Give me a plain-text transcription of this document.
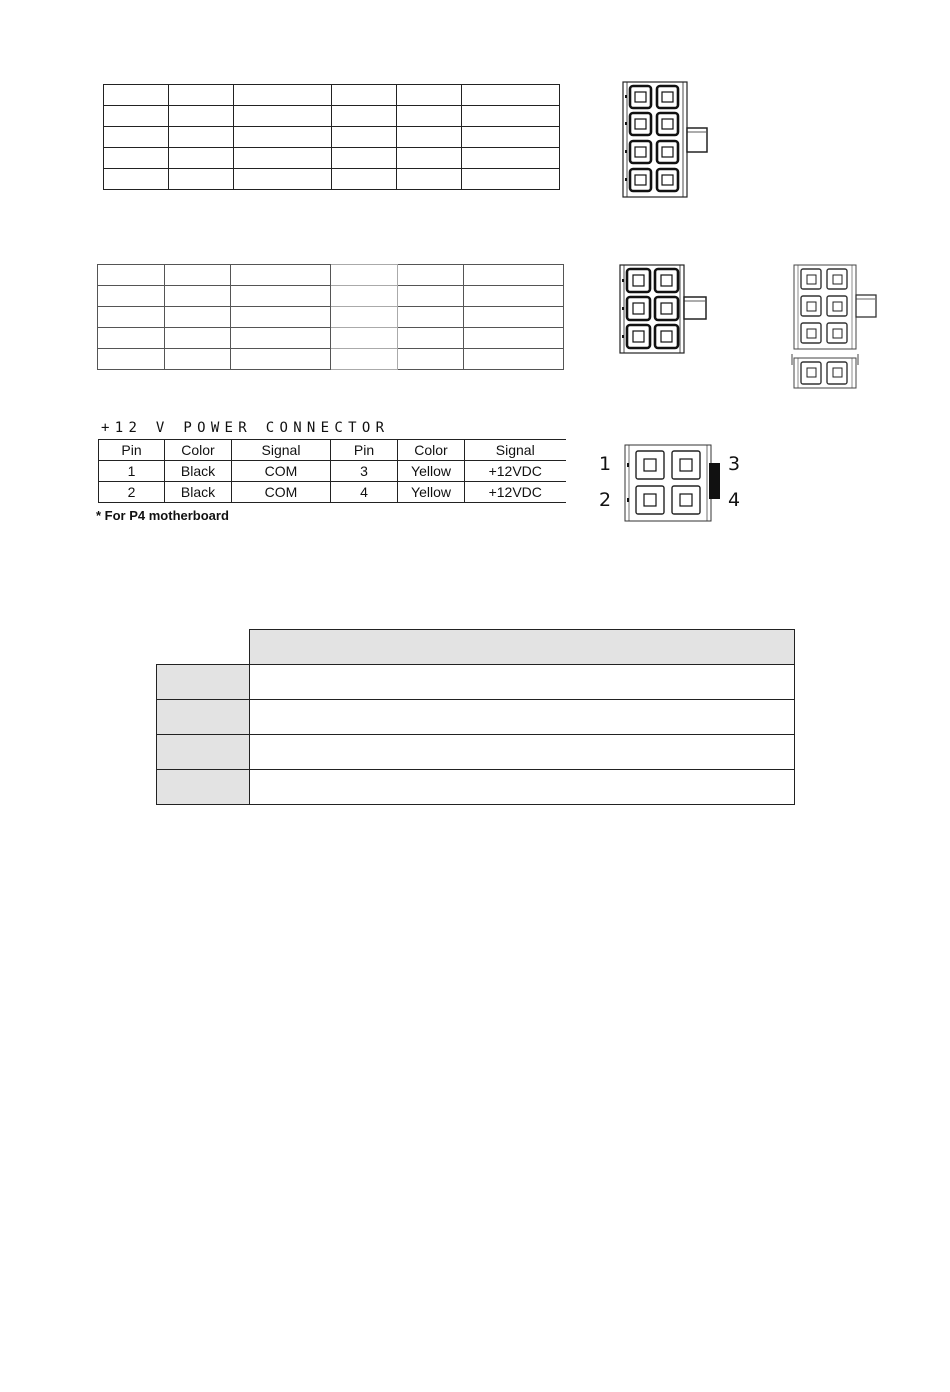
+12 V POWER CONNECTOR
Pin	Color	Signal	Pin	Color	Signal
1	Black	COM	3	Yellow	+12VDC
2	Black	COM	4	Yellow	+12VDC
* For P4 motherboard
1
2
3
4
